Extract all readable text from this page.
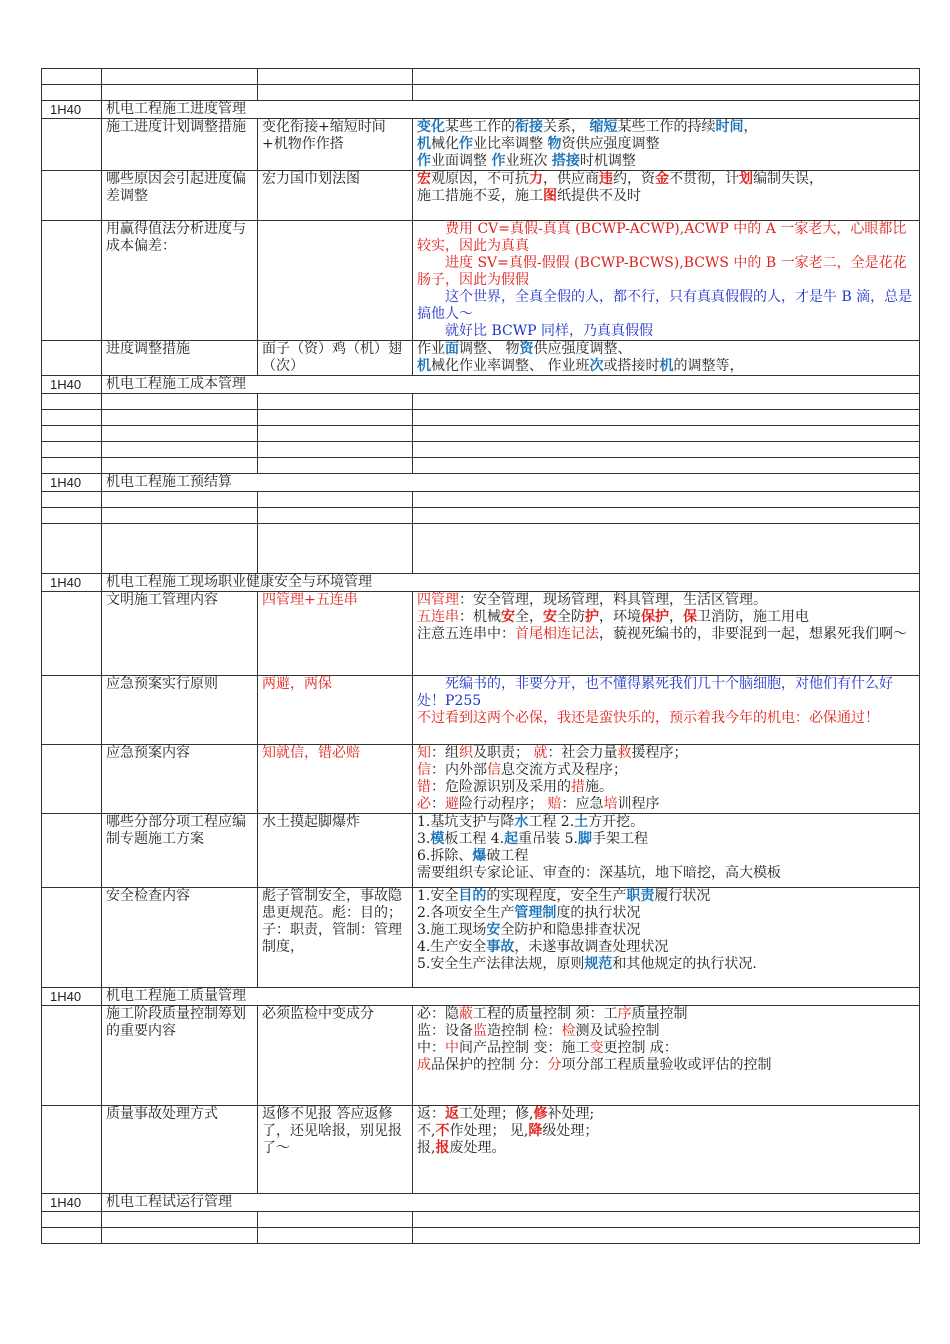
1H40	机电工程施工进度管理		
	施工进度计划调整措施	变化衔接+缩短时间+机物作作搭	变化某些工作的衔接关系， 缩短某些工作的持续时间，

机械化作业比率调整 物资供应强度调整

作业面调整 作业班次 搭接时机调整

	哪些原因会引起进度偏差调整	宏力国巾划法图	宏观原因，不可抗力，供应商违约，资金不贯彻，计划编制失误，

施工措施不妥，施工图纸提供不及时

	用赢得值法分析进度与成本偏差：		费用 CV=真假-真真 (BCWP-ACWP),ACWP 中的 A 一家老大，心眼都比较实，因此为真真

进度 SV=真假-假假 (BCWP-BCWS),BCWS 中的 B 一家老二，全是花花肠子，因此为假假

这个世界，全真全假的人，都不行，只有真真假假的人，才是牛 B 滴，总是搞他人～

就好比 BCWP 同样，乃真真假假

	进度调整措施	面子（资）鸡（机）翅（次）	作业面调整、 物资供应强度调整、

机械化作业率调整、 作业班次或搭接时机的调整等，

1H40	机电工程施工成本管理		

1H40	机电工程施工预结算		

1H40	机电工程施工现场职业健康安全与环境管理		
	文明施工管理内容	四管理+五连串	四管理：安全管理，现场管理，料具管理，生活区管理。

五连串：机械安全，安全防护，环境保护，保卫消防，施工用电

注意五连串中：首尾相连记法，藐视死编书的，非要混到一起，想累死我们啊～

	应急预案实行原则	两避，两保	死编书的，非要分开，也不懂得累死我们几十个脑细胞，对他们有什么好处！P255

不过看到这两个必保，我还是蛮快乐的，预示着我今年的机电：必保通过！

	应急预案内容	知就信，错必赔	知：组织及职责； 就：社会力量救援程序；

信：内外部信息交流方式及程序；

错：危险源识别及采用的措施。

必：避险行动程序； 赔：应急培训程序

	哪些分部分项工程应编制专题施工方案	水土摸起脚爆炸	1.基坑支护与降水工程 2.土方开挖。

3.模板工程 4.起重吊装 5.脚手架工程

6.拆除、爆破工程

需要组织专家论证、审查的：深基坑，地下暗挖，高大模板

	安全检查内容	彪子管制安全，事故隐患更规范。彪：目的；子：职责，管制：管理制度，	1.安全目的的实现程度，安全生产职责履行状况

2.各项安全生产管理制度的执行状况

3.施工现场安全防护和隐患排查状况

4.生产安全事故，未遂事故调查处理状况

5.安全生产法律法规，原则规范和其他规定的执行状况.

1H40	机电工程施工质量管理		
	施工阶段质量控制筹划的重要内容	必须监检中变成分	必：隐蔽工程的质量控制 须：工序质量控制

监：设备监造控制 检：检测及试验控制

中：中间产品控制 变：施工变更控制 成：

成品保护的控制 分：分项分部工程质量验收或评估的控制

	质量事故处理方式	返修不见报 答应返修了，还见啥报，别见报了～	返：返工处理；修,修补处理;

不,不作处理； 见,降级处理；

报,报废处理。

1H40	机电工程试运行管理		
